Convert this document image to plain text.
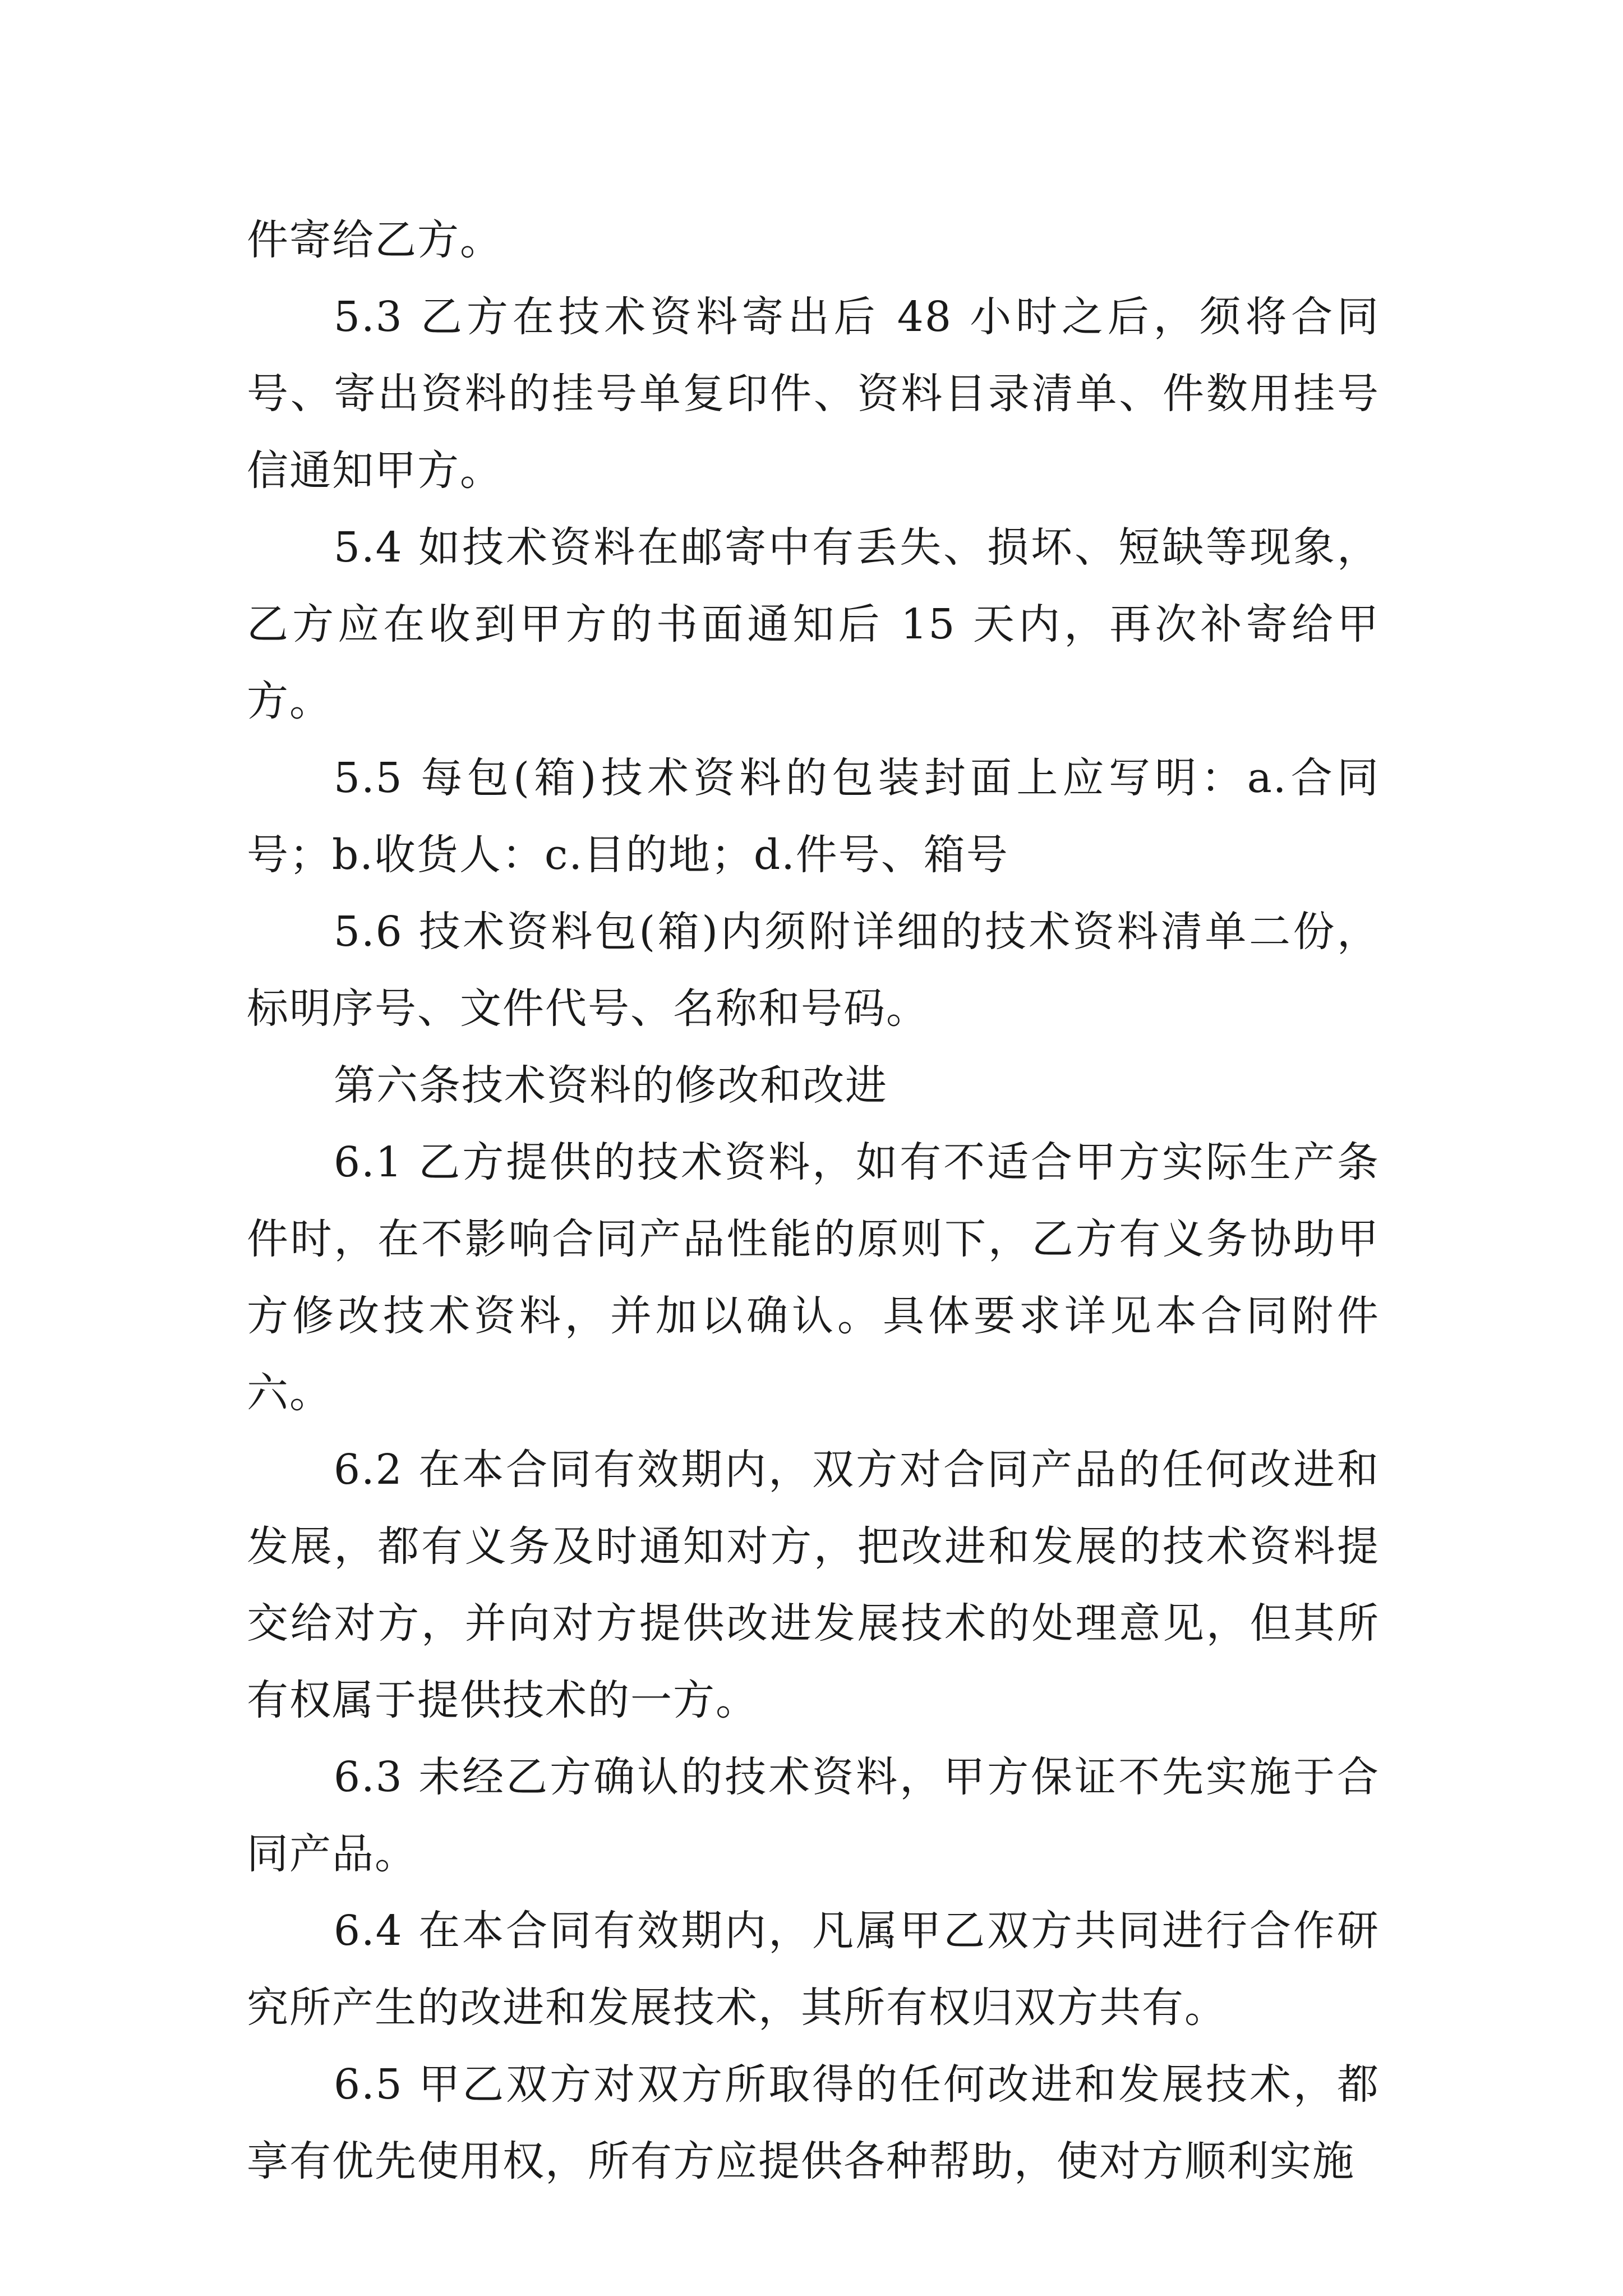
件寄给乙方。

5.3 乙方在技术资料寄出后 48 小时之后，须将合同号、寄出资料的挂号单复印件、资料目录清单、件数用挂号信通知甲方。

5.4 如技术资料在邮寄中有丢失、损坏、短缺等现象，乙方应在收到甲方的书面通知后 15 天内，再次补寄给甲方。

5.5 每包(箱)技术资料的包装封面上应写明：a.合同号；b.收货人：c.目的地；d.件号、箱号

5.6 技术资料包(箱)内须附详细的技术资料清单二份，标明序号、文件代号、名称和号码。

第六条技术资料的修改和改进

6.1 乙方提供的技术资料，如有不适合甲方实际生产条件时，在不影响合同产品性能的原则下，乙方有义务协助甲方修改技术资料，并加以确认。具体要求详见本合同附件六。

6.2 在本合同有效期内，双方对合同产品的任何改进和发展，都有义务及时通知对方，把改进和发展的技术资料提交给对方，并向对方提供改进发展技术的处理意见，但其所有权属于提供技术的一方。

6.3 未经乙方确认的技术资料，甲方保证不先实施于合同产品。

6.4 在本合同有效期内，凡属甲乙双方共同进行合作研究所产生的改进和发展技术，其所有权归双方共有。

6.5 甲乙双方对双方所取得的任何改进和发展技术，都享有优先使用权，所有方应提供各种帮助，使对方顺利实施
